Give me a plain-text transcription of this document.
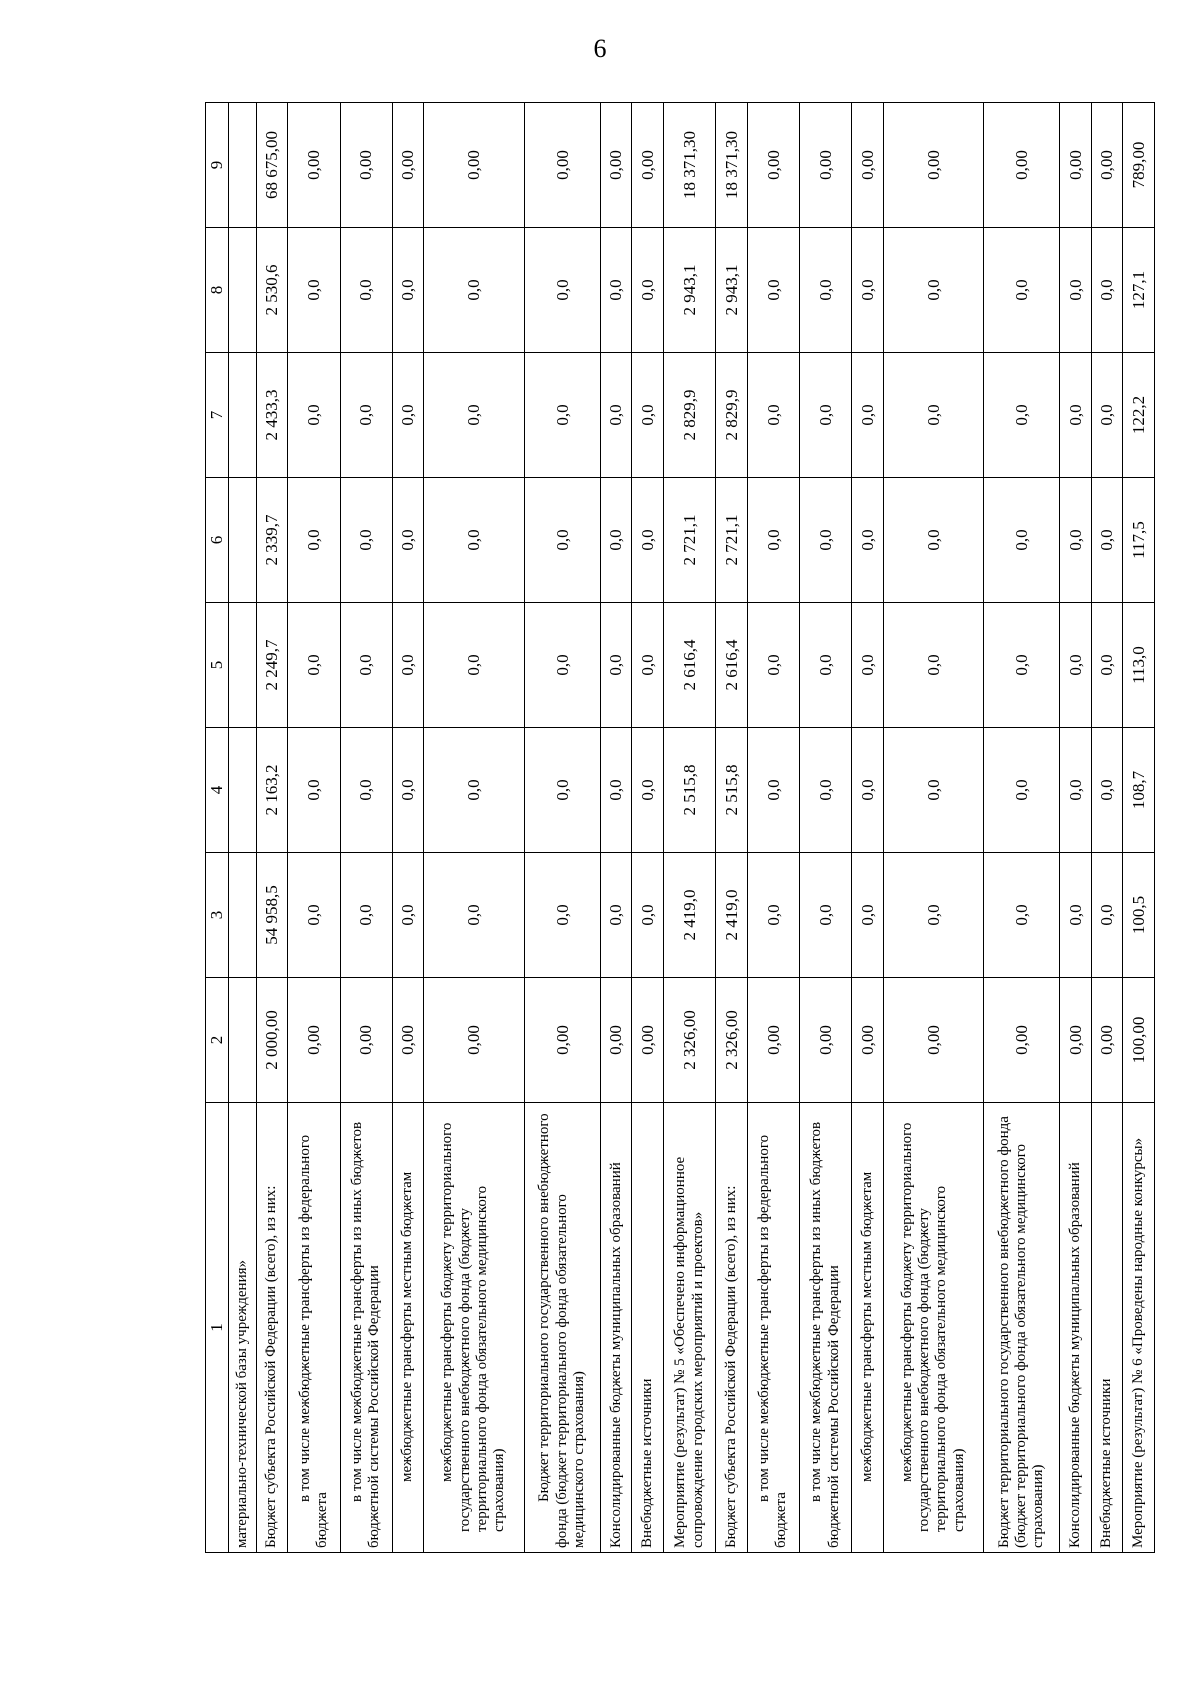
6
1	2	3	4	5	6	7	8	9
материально-технической базы учреждения»								
Бюджет субъекта Российской Федерации (всего), из них:	2 000,00	54 958,5	2 163,2	2 249,7	2 339,7	2 433,3	2 530,6	68 675,00
в том числе межбюджетные трансферты из федерального бюджета	0,00	0,0	0,0	0,0	0,0	0,0	0,0	0,00
в том числе межбюджетные трансферты из иных бюджетов бюджетной системы Российской Федерации	0,00	0,0	0,0	0,0	0,0	0,0	0,0	0,00
межбюджетные трансферты местным бюджетам	0,00	0,0	0,0	0,0	0,0	0,0	0,0	0,00
межбюджетные трансферты бюджету территориального государственного внебюджетного фонда (бюджету территориального фонда обязательного медицинского страхования)	0,00	0,0	0,0	0,0	0,0	0,0	0,0	0,00
Бюджет территориального государственного внебюджетного фонда (бюджет территориального фонда обязательного медицинского страхования)	0,00	0,0	0,0	0,0	0,0	0,0	0,0	0,00
Консолидированные бюджеты муниципальных образований	0,00	0,0	0,0	0,0	0,0	0,0	0,0	0,00
Внебюджетные источники	0,00	0,0	0,0	0,0	0,0	0,0	0,0	0,00
Мероприятие (результат) № 5 «Обеспечено информационное сопровождение городских мероприятий и проектов»	2 326,00	2 419,0	2 515,8	2 616,4	2 721,1	2 829,9	2 943,1	18 371,30
Бюджет субъекта Российской Федерации (всего), из них:	2 326,00	2 419,0	2 515,8	2 616,4	2 721,1	2 829,9	2 943,1	18 371,30
в том числе межбюджетные трансферты из федерального бюджета	0,00	0,0	0,0	0,0	0,0	0,0	0,0	0,00
в том числе межбюджетные трансферты из иных бюджетов бюджетной системы Российской Федерации	0,00	0,0	0,0	0,0	0,0	0,0	0,0	0,00
межбюджетные трансферты местным бюджетам	0,00	0,0	0,0	0,0	0,0	0,0	0,0	0,00
межбюджетные трансферты бюджету территориального государственного внебюджетного фонда (бюджету территориального фонда обязательного медицинского страхования)	0,00	0,0	0,0	0,0	0,0	0,0	0,0	0,00
Бюджет территориального государственного внебюджетного фонда (бюджет территориального фонда обязательного медицинского страхования)	0,00	0,0	0,0	0,0	0,0	0,0	0,0	0,00
Консолидированные бюджеты муниципальных образований	0,00	0,0	0,0	0,0	0,0	0,0	0,0	0,00
Внебюджетные источники	0,00	0,0	0,0	0,0	0,0	0,0	0,0	0,00
Мероприятие (результат) № 6 «Проведены народные конкурсы»	100,00	100,5	108,7	113,0	117,5	122,2	127,1	789,00
